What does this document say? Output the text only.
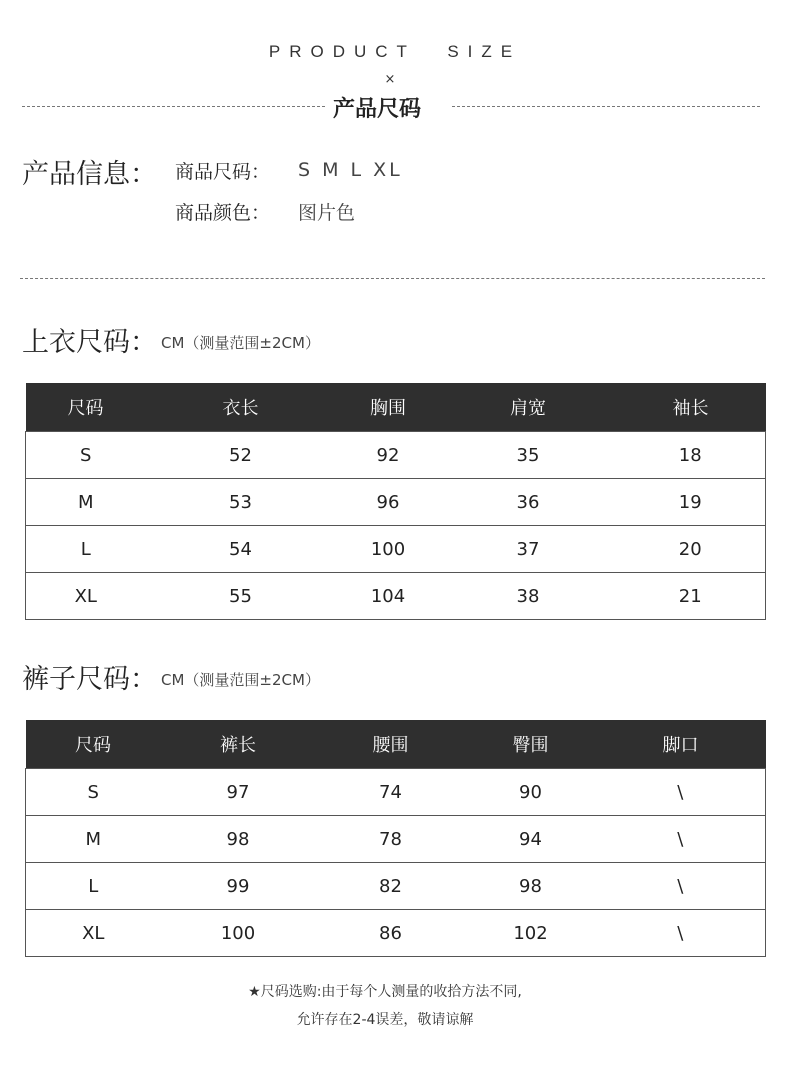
PRODUCT SIZE
×
产品尺码
产品信息： 商品尺码： S M L XL
商品颜色： 图片色
上衣尺码： CM（测量范围±2CM）
尺码	衣长	胸围	肩宽	袖长
S	52	92	35	18
M	53	96	36	19
L	54	100	37	20
XL	55	104	38	21
裤子尺码： CM（测量范围±2CM）
尺码	裤长	腰围	臀围	脚口
S	97	74	90	\
M	98	78	94	\
L	99	82	98	\
XL	100	86	102	\
★尺码选购:由于每个人测量的收拾方法不同,
允许存在2-4误差，敬请谅解
